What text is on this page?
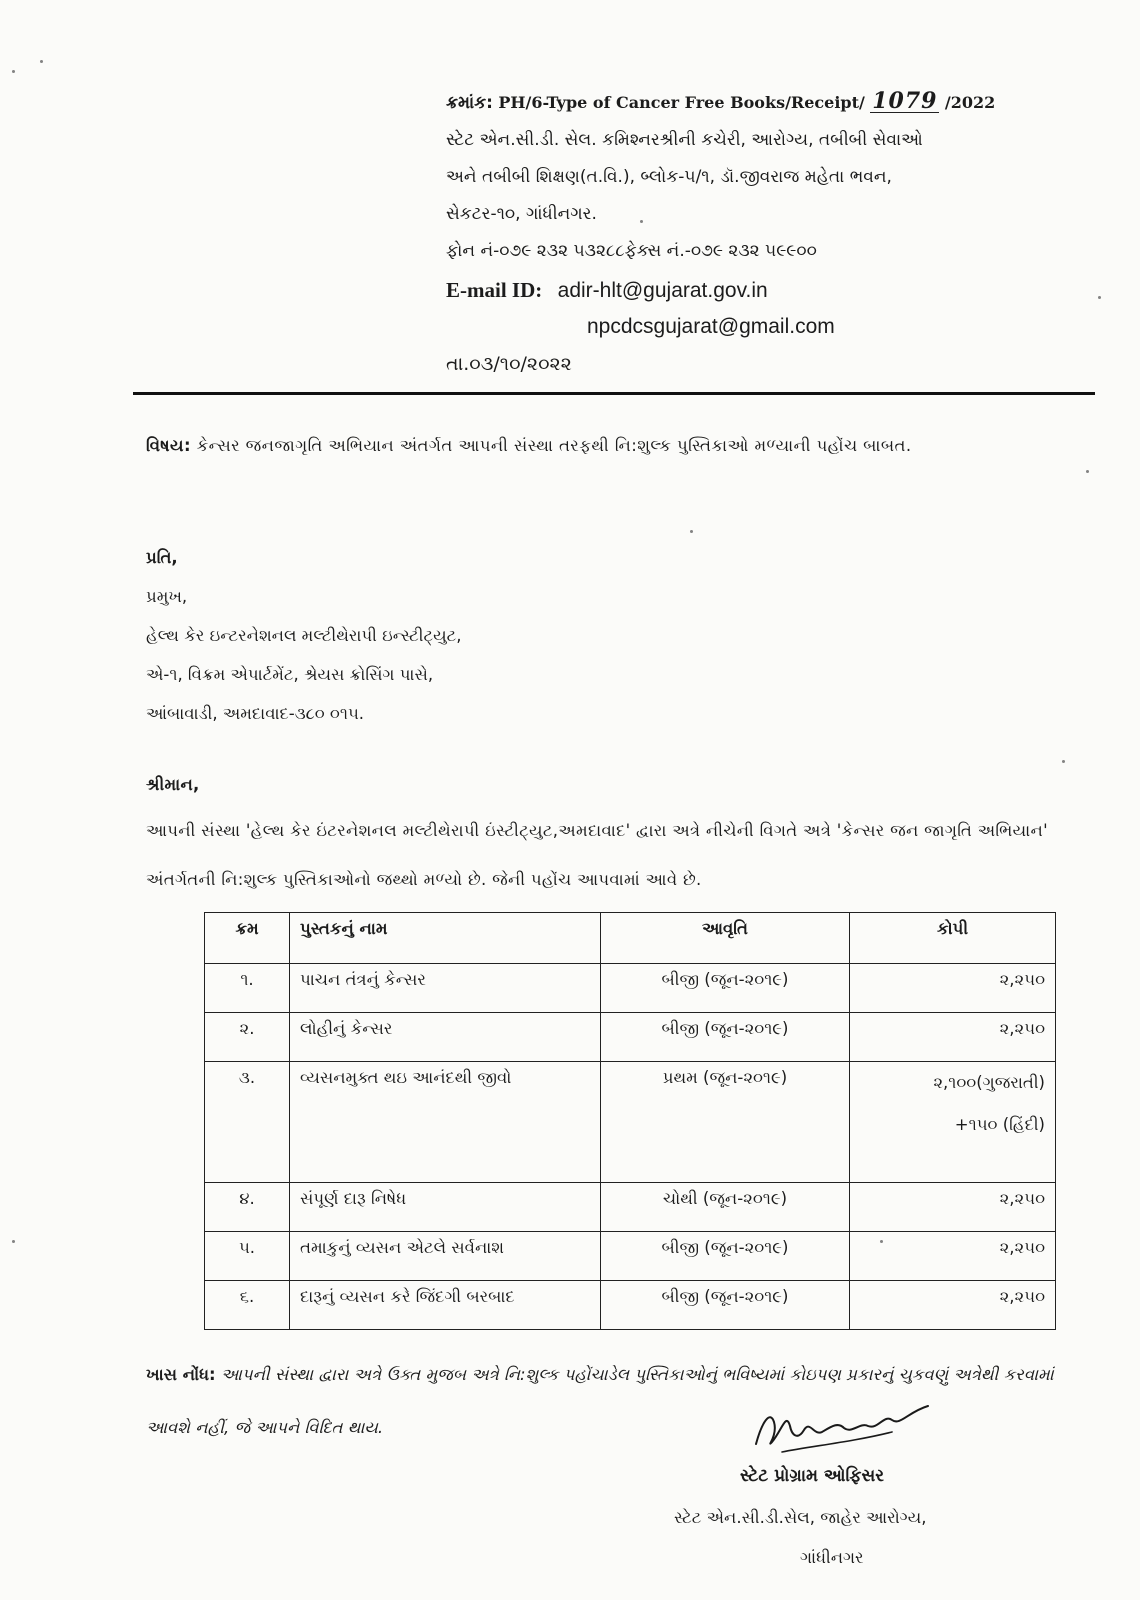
ક્રમાંક: PH/6-Type of Cancer Free Books/Receipt/ 1079 /2022
સ્ટેટ એન.સી.ડી. સેલ. કમિશ્નરશ્રીની કચેરી, આરોગ્ય, તબીબી સેવાઓ
અને તબીબી શિક્ષણ(ત.વિ.), બ્લોક-૫/૧, ડૉ.જીવરાજ મહેતા ભવન,
સેકટર-૧૦, ગાંધીનગર.
ફોન નં-૦૭૯ ૨૩૨ ૫૩૨૮૮ફેક્સ નં.-૦૭૯ ૨૩૨ ૫૯૯૦૦
E-mail ID: adir-hlt@gujarat.gov.in
npcdcsgujarat@gmail.com
તા.૦૩/૧૦/૨૦૨૨
વિષય: કેન્સર જનજાગૃતિ અભિયાન અંતર્ગત આપની સંસ્થા તરફથી નિ:શુલ્ક પુસ્તિકાઓ મળ્યાની પહોંચ બાબત.
પ્રતિ,
પ્રમુખ,
હેલ્થ કેર ઇન્ટરનેશનલ મલ્ટીથેરાપી ઇન્સ્ટીટ્યુટ,
એ-૧, વિક્રમ એપાર્ટમેંટ, શ્રેયસ ક્રોસિંગ પાસે,
આંબાવાડી, અમદાવાદ-૩૮૦ ૦૧૫.
શ્રીમાન,
આપની સંસ્થા 'હેલ્થ કેર ઇંટરનેશનલ મલ્ટીથેરાપી ઇંસ્ટીટ્યુટ,અમદાવાદ' દ્વારા અત્રે નીચેની વિગતે અત્રે 'કેન્સર જન જાગૃતિ અભિયાન' અંતર્ગતની નિ:શુલ્ક પુસ્તિકાઓનો જથ્થો મળ્યો છે. જેની પહોંચ આપવામાં આવે છે.
ક્રમ	પુસ્તકનું નામ	આવૃતિ	કોપી
૧.	પાચન તંત્રનું કેન્સર	બીજી (જૂન-૨૦૧૯)	૨,૨૫૦
૨.	લોહીનું કેન્સર	બીજી (જૂન-૨૦૧૯)	૨,૨૫૦
૩.	વ્યસનમુક્ત થઇ આનંદથી જીવો	પ્રથમ (જૂન-૨૦૧૯)	૨,૧૦૦(ગુજરાતી)
+૧૫૦ (હિંદી)

૪.	સંપૂર્ણ દારૂ નિષેધ	ચોથી (જૂન-૨૦૧૯)	૨,૨૫૦
૫.	તમાકુનું વ્યસન એટલે સર્વનાશ	બીજી (જૂન-૨૦૧૯)	૨,૨૫૦
૬.	દારૂનું વ્યસન કરે જિંદગી બરબાદ	બીજી (જૂન-૨૦૧૯)	૨,૨૫૦
ખાસ નોંધ: આપની સંસ્થા દ્વારા અત્રે ઉક્ત મુજબ અત્રે નિ:શુલ્ક પહોંચાડેલ પુસ્તિકાઓનું ભવિષ્યમાં કોઇપણ પ્રકારનું ચુકવણું અત્રેથી કરવામાં આવશે નહીં, જે આપને વિદિત થાય.
સ્ટેટ પ્રોગ્રામ ઓફિસર
સ્ટેટ એન.સી.ડી.સેલ, જાહેર આરોગ્ય,
ગાંધીનગર
